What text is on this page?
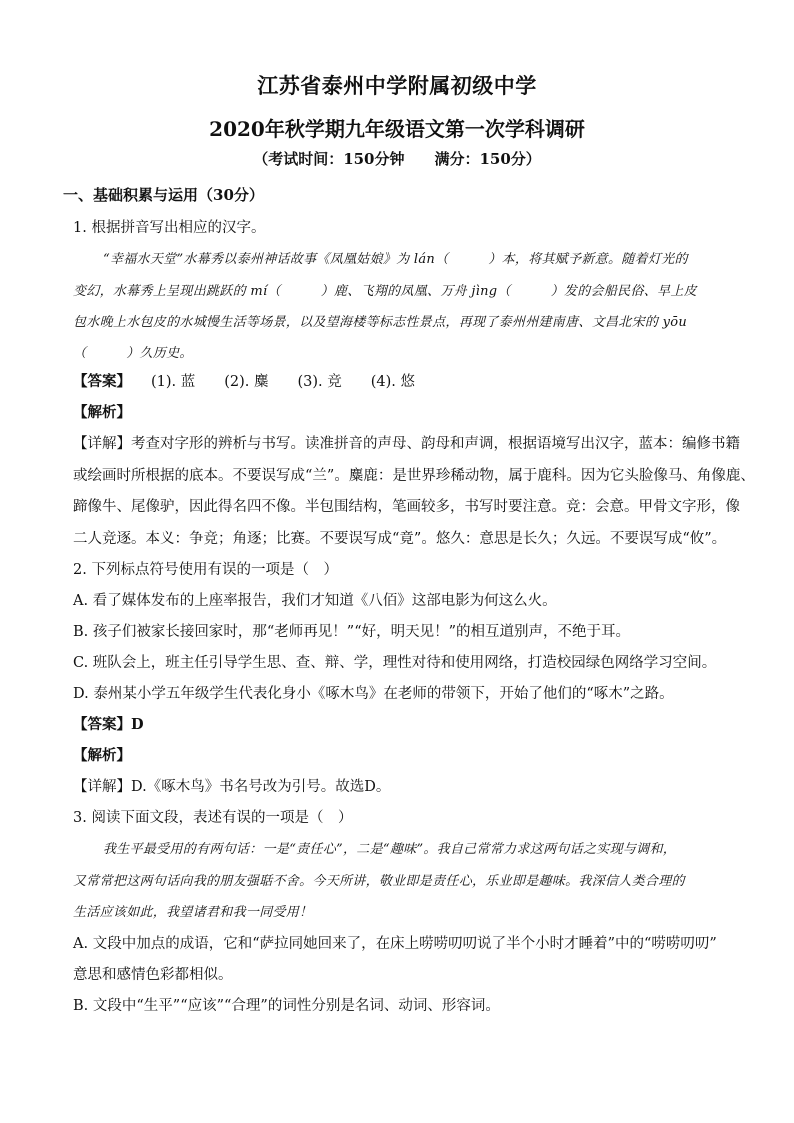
江苏省泰州中学附属初级中学
2020年秋学期九年级语文第一次学科调研
（考试时间：150分钟　　满分：150分）
一、基础积累与运用（30分）
1. 根据拼音写出相应的汉字。
“幸福水天堂”水幕秀以泰州神话故事《凤凰姑娘》为 lán（　　　）本，将其赋予新意。随着灯光的
变幻，水幕秀上呈现出跳跃的 mí（　　　）鹿、飞翔的凤凰、万舟 jìng（　　　）发的会船民俗、早上皮
包水晚上水包皮的水城慢生活等场景，以及望海楼等标志性景点，再现了泰州州建南唐、文昌北宋的 yōu
（　　　）久历史。
【答案】 (1). 蓝　　(2). 麋　　(3). 竞　　(4). 悠
【解析】
【详解】考查对字形的辨析与书写。读准拼音的声母、韵母和声调，根据语境写出汉字，蓝本：编修书籍
或绘画时所根据的底本。不要误写成“兰”。麋鹿：是世界珍稀动物，属于鹿科。因为它头脸像马、角像鹿、
蹄像牛、尾像驴，因此得名四不像。半包围结构，笔画较多，书写时要注意。竞：会意。甲骨文字形，像
二人竞逐。本义：争竞；角逐；比赛。不要误写成“竟”。悠久：意思是长久；久远。不要误写成“攸”。
2. 下列标点符号使用有误的一项是（　）
A. 看了媒体发布的上座率报告，我们才知道《八佰》这部电影为何这么火。
B. 孩子们被家长接回家时，那“老师再见！”“好，明天见！”的相互道别声，不绝于耳。
C. 班队会上，班主任引导学生思、查、辩、学，理性对待和使用网络，打造校园绿色网络学习空间。
D. 泰州某小学五年级学生代表化身小《啄木鸟》在老师的带领下，开始了他们的“啄木”之路。
【答案】D
【解析】
【详解】D.《啄木鸟》书名号改为引号。故选D。
3. 阅读下面文段，表述有误的一项是（　）
我生平最受用的有两句话：一是“责任心”，二是“趣味”。我自己常常力求这两句话之实现与调和，
又常常把这两句话向我的朋友强聒不舍。今天所讲，敬业即是责任心，乐业即是趣味。我深信人类合理的
生活应该如此，我望诸君和我一同受用！
A. 文段中加点的成语，它和“萨拉同她回来了，在床上唠唠叨叨说了半个小时才睡着”中的“唠唠叨叨”
意思和感情色彩都相似。
B. 文段中“生平”“应该”“合理”的词性分别是名词、动词、形容词。
